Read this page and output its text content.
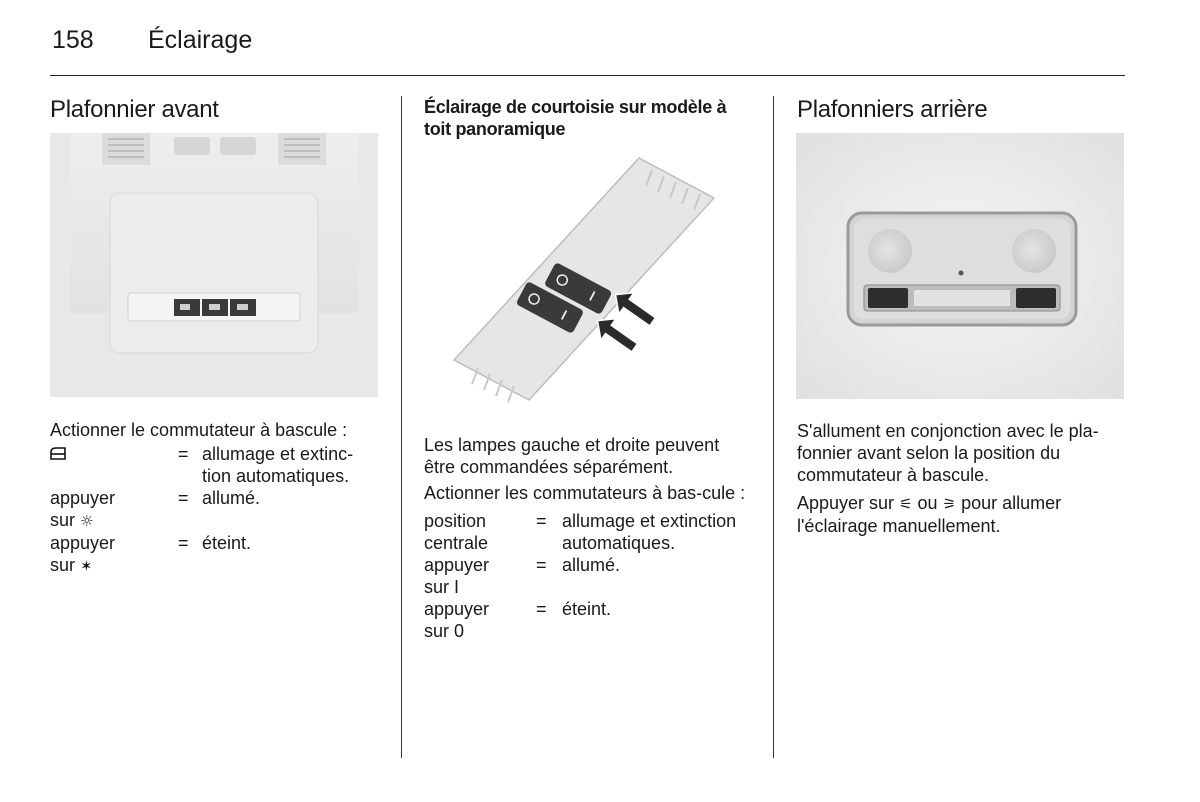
158	Éclairage
Plafonnier avant

Actionner le commutateur à bascule :

	=	allumage et extinc-
tion automatiques.
appuyer
sur ☼	=	allumé.
appuyer
sur ✶	=	éteint.
Éclairage de courtoisie sur modèle à toit panoramique

Les lampes gauche et droite peuvent être commandées séparément.

Actionner les commutateurs à bas-cule :

position
centrale	=	allumage et extinction
automatiques.
appuyer
sur I	=	allumé.
appuyer
sur 0	=	éteint.
Plafonniers arrière

S'allument en conjonction avec le pla-fonnier avant selon la position du commutateur à bascule.

Appuyer sur ⚟ ou ⚞ pour allumer l'éclairage manuellement.
